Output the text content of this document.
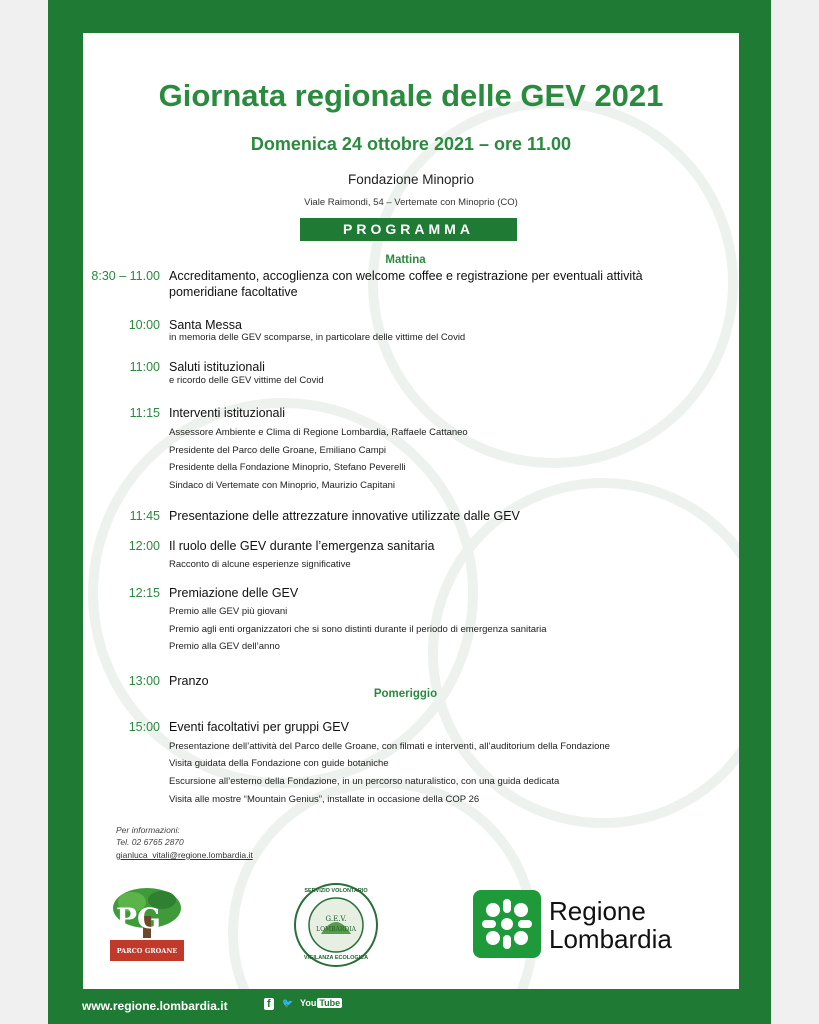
Giornata regionale delle GEV 2021
Domenica 24 ottobre 2021 – ore 11.00
Fondazione Minoprio
Viale Raimondi, 54 – Vertemate con Minoprio (CO)
PROGRAMMA
Mattina
8:30 – 11.00 Accreditamento, accoglienza con welcome coffee e registrazione per eventuali attività
pomeridiane facoltative
10:00 Santa Messa
in memoria delle GEV scomparse, in particolare delle vittime del Covid
11:00 Saluti istituzionali
e ricordo delle GEV vittime del Covid
11:15 Interventi istituzionali
Assessore Ambiente e Clima di Regione Lombardia, Raffaele Cattaneo
Presidente del Parco delle Groane, Emiliano Campi
Presidente della Fondazione Minoprio, Stefano Peverelli
Sindaco di Vertemate con Minoprio, Maurizio Capitani
11:45 Presentazione delle attrezzature innovative utilizzate dalle GEV
12:00 Il ruolo delle GEV durante l’emergenza sanitaria
Racconto di alcune esperienze significative
12:15 Premiazione delle GEV
Premio alle GEV più giovani
Premio agli enti organizzatori che si sono distinti durante il periodo di emergenza sanitaria
Premio alla GEV dell’anno
13:00 Pranzo
Pomeriggio
15:00 Eventi facoltativi per gruppi GEV
Presentazione dell’attività del Parco delle Groane, con filmati e interventi, all’auditorium della Fondazione
Visita guidata della Fondazione con guide botaniche
Escursione all’esterno della Fondazione, in un percorso naturalistico, con una guida dedicata
Visita alle mostre “Mountain Genius”, installate in occasione della COP 26
Per informazioni:
Tel. 02 6765 2870
gianluca_vitali@regione.lombardia.it
PG
PARCO GROANE
SERVIZIO VOLONTARIO
G.E.V.
LOMBARDIA
VIGILANZA ECOLOGICA
Regione
Lombardia
www.regione.lombardia.it	f	🐦 You Tube
